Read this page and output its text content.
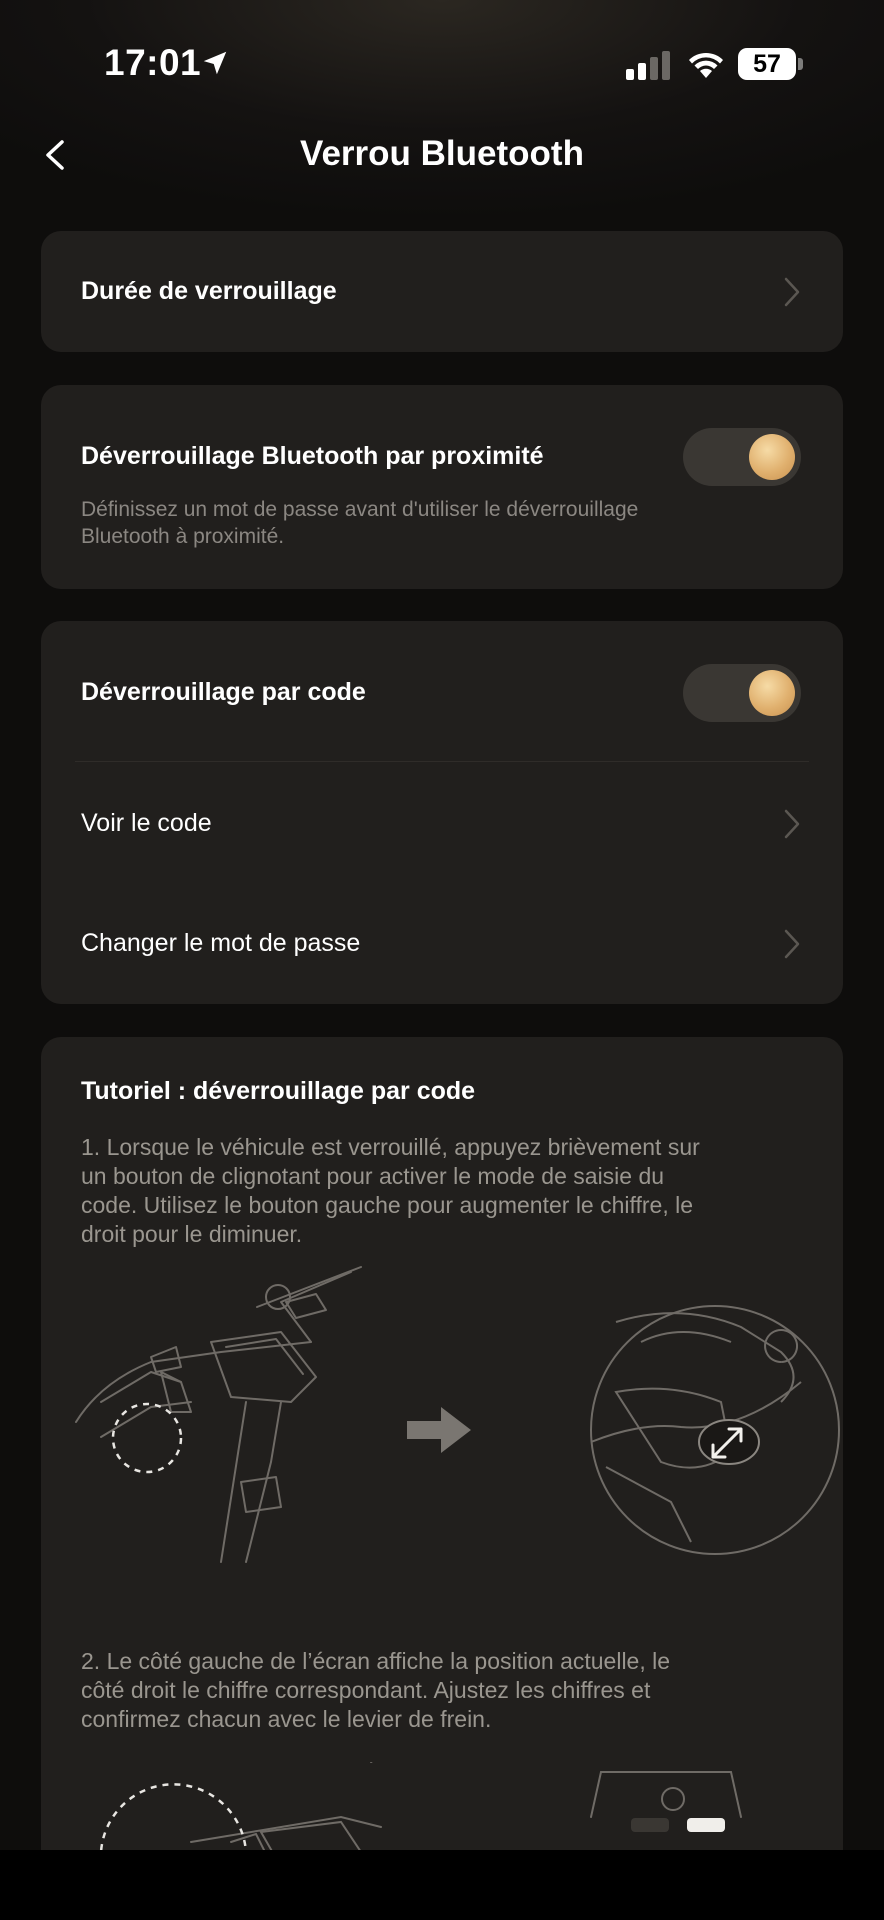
17:01	57
Verrou Bluetooth
Durée de verrouillage
Déverrouillage Bluetooth par proximité
Définissez un mot de passe avant d'utiliser le déverrouillage
Bluetooth à proximité.
Déverrouillage par code
Voir le code
Changer le mot de passe
Tutoriel : déverrouillage par code
1. Lorsque le véhicule est verrouillé, appuyez brièvement sur
un bouton de clignotant pour activer le mode de saisie du
code. Utilisez le bouton gauche pour augmenter le chiffre, le
droit pour le diminuer.
2. Le côté gauche de l’écran affiche la position actuelle, le
côté droit le chiffre correspondant. Ajustez les chiffres et
confirmez chacun avec le levier de frein.
